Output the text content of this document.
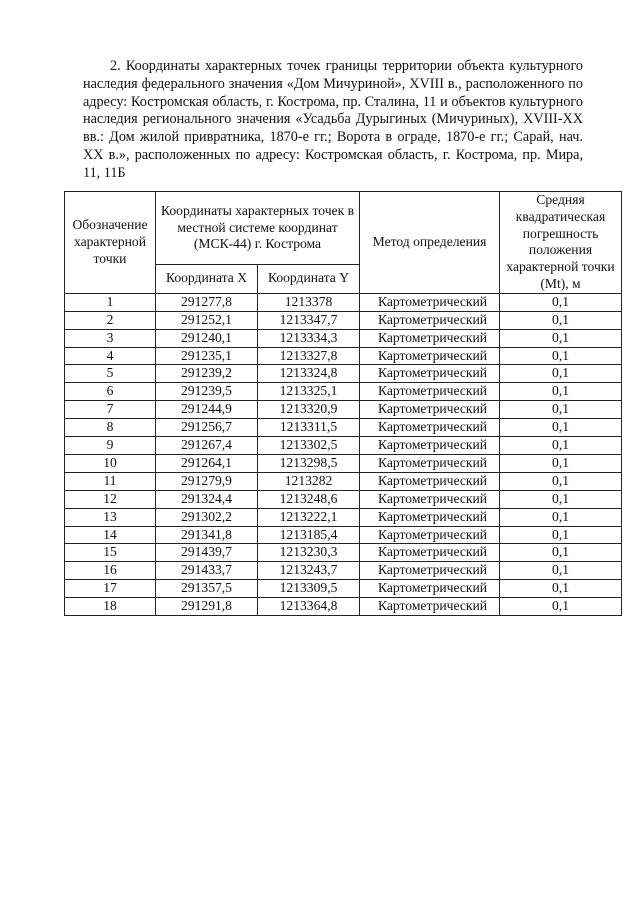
2. Координаты характерных точек границы территории объекта культурного наследия федерального значения «Дом Мичуриной», XVIII в., расположенного по адресу: Костромская область, г. Кострома, пр. Сталина, 11 и объектов культурного наследия регионального значения «Усадьба Дурыгиных (Мичуриных), XVIII-XX вв.: Дом жилой привратника, 1870-е гг.; Ворота в ограде, 1870-е гг.; Сарай, нач. XX в.», расположенных по адресу: Костромская область, г. Кострома, пр. Мира, 11, 11Б

Обозначение характерной точки	Координаты характерных точек в местной системе координат (МСК-44) г. Кострома		Метод определения	Средняя квадратическая погрешность положения характерной точки (Mt), м
	Координата X	Координата Y		
1	291277,8	1213378	Картометрический	0,1
2	291252,1	1213347,7	Картометрический	0,1
3	291240,1	1213334,3	Картометрический	0,1
4	291235,1	1213327,8	Картометрический	0,1
5	291239,2	1213324,8	Картометрический	0,1
6	291239,5	1213325,1	Картометрический	0,1
7	291244,9	1213320,9	Картометрический	0,1
8	291256,7	1213311,5	Картометрический	0,1
9	291267,4	1213302,5	Картометрический	0,1
10	291264,1	1213298,5	Картометрический	0,1
11	291279,9	1213282	Картометрический	0,1
12	291324,4	1213248,6	Картометрический	0,1
13	291302,2	1213222,1	Картометрический	0,1
14	291341,8	1213185,4	Картометрический	0,1
15	291439,7	1213230,3	Картометрический	0,1
16	291433,7	1213243,7	Картометрический	0,1
17	291357,5	1213309,5	Картометрический	0,1
18	291291,8	1213364,8	Картометрический	0,1
